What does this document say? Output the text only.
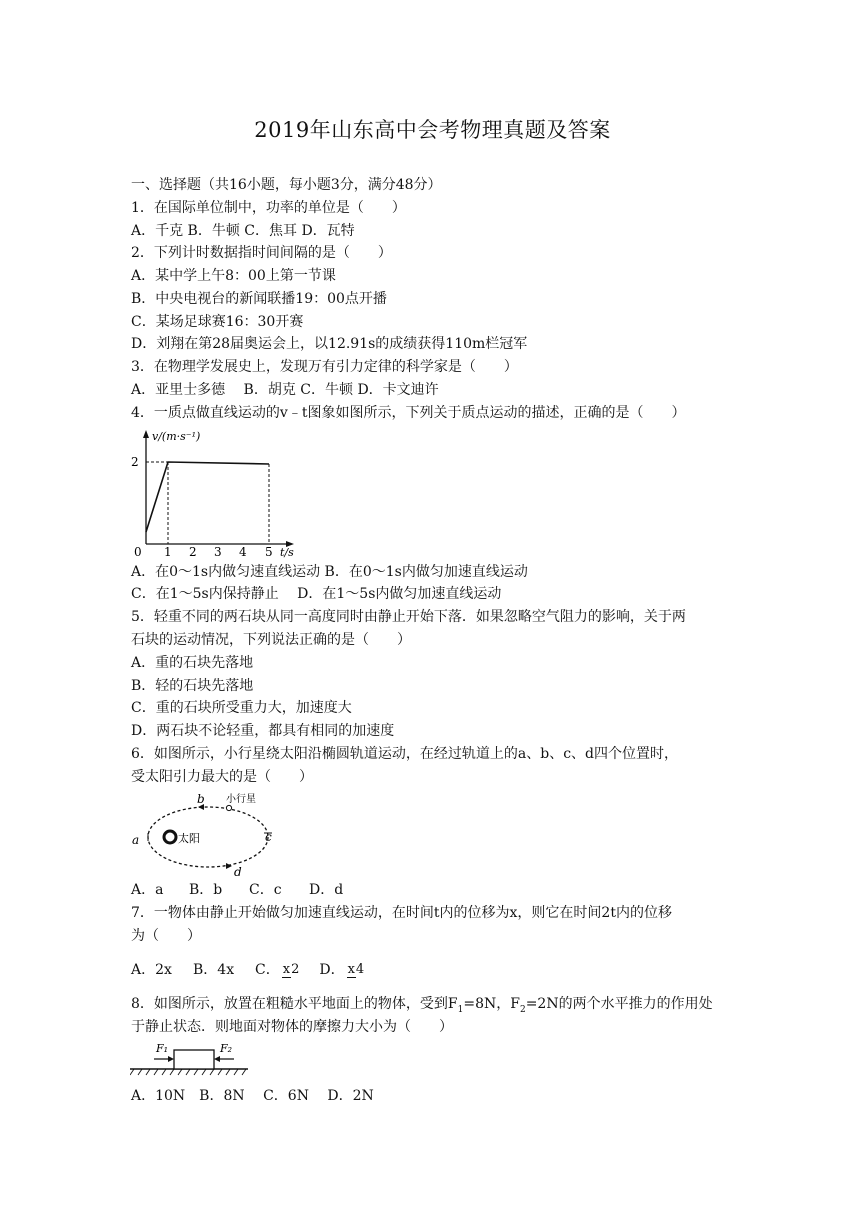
2019年山东高中会考物理真题及答案
一、选择题（共16小题，每小题3分，满分48分）
1．在国际单位制中，功率的单位是（　　）
A．千克 B．牛顿 C．焦耳 D．瓦特
2．下列计时数据指时间间隔的是（　　）
A．某中学上午8：00上第一节课
B．中央电视台的新闻联播19：00点开播
C．某场足球赛16：30开赛
D．刘翔在第28届奥运会上，以12.91s的成绩获得110m栏冠军
3．在物理学发展史上，发现万有引力定律的科学家是（　　）
A．亚里士多德　 B．胡克 C．牛顿 D．卡文迪许
4．一质点做直线运动的v﹣t图象如图所示，下列关于质点运动的描述，正确的是（　　）
v/(m·s⁻¹)
2
0 1 2 3 4 5 t/s
A．在0～1s内做匀速直线运动 B．在0～1s内做匀加速直线运动
C．在1～5s内保持静止　 D．在1～5s内做匀加速直线运动
5．轻重不同的两石块从同一高度同时由静止开始下落．如果忽略空气阻力的影响，关于两
石块的运动情况，下列说法正确的是（　　）
A．重的石块先落地
B．轻的石块先落地
C．重的石块所受重力大，加速度大
D．两石块不论轻重，都具有相同的加速度
6．如图所示，小行星绕太阳沿椭圆轨道运动，在经过轨道上的a、b、c、d四个位置时，
受太阳引力最大的是（　　）
太阳
小行星
a
b
c
d
A．a B．b C．c D．d
7．一物体由静止开始做匀加速直线运动，在时间t内的位移为x，则它在时间2t内的位移
为（　　）
A．2x B．4x C． x2 D． x4
8．如图所示，放置在粗糙水平地面上的物体，受到$F_1=8N$，$F_2=2N$的两个水平推力的作用处
于静止状态．则地面对物体的摩擦力大小为（　　）
F₁	F₂
A．10N　B．8N　 C．6N　 D．2N
